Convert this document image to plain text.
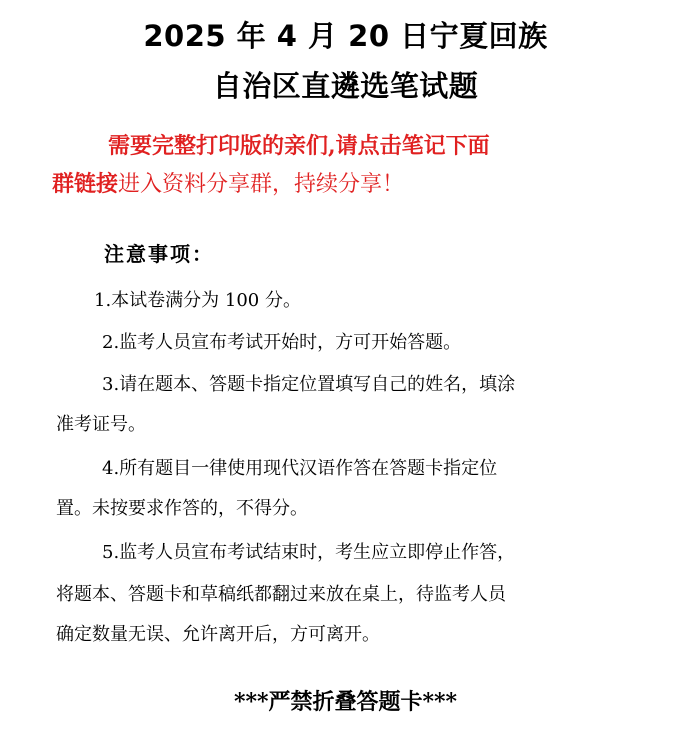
2025 年 4 月 20 日宁夏回族
自治区直遴选笔试题
需要完整打印版的亲们,请点击笔记下面
群链接进入资料分享群，持续分享！
注意事项：
1.本试卷满分为 100 分。
2.监考人员宣布考试开始时，方可开始答题。
3.请在题本、答题卡指定位置填写自己的姓名，填涂
准考证号。
4.所有题目一律使用现代汉语作答在答题卡指定位
置。未按要求作答的，不得分。
5.监考人员宣布考试结束时，考生应立即停止作答，
将题本、答题卡和草稿纸都翻过来放在桌上，待监考人员
确定数量无误、允许离开后，方可离开。
***严禁折叠答题卡***
